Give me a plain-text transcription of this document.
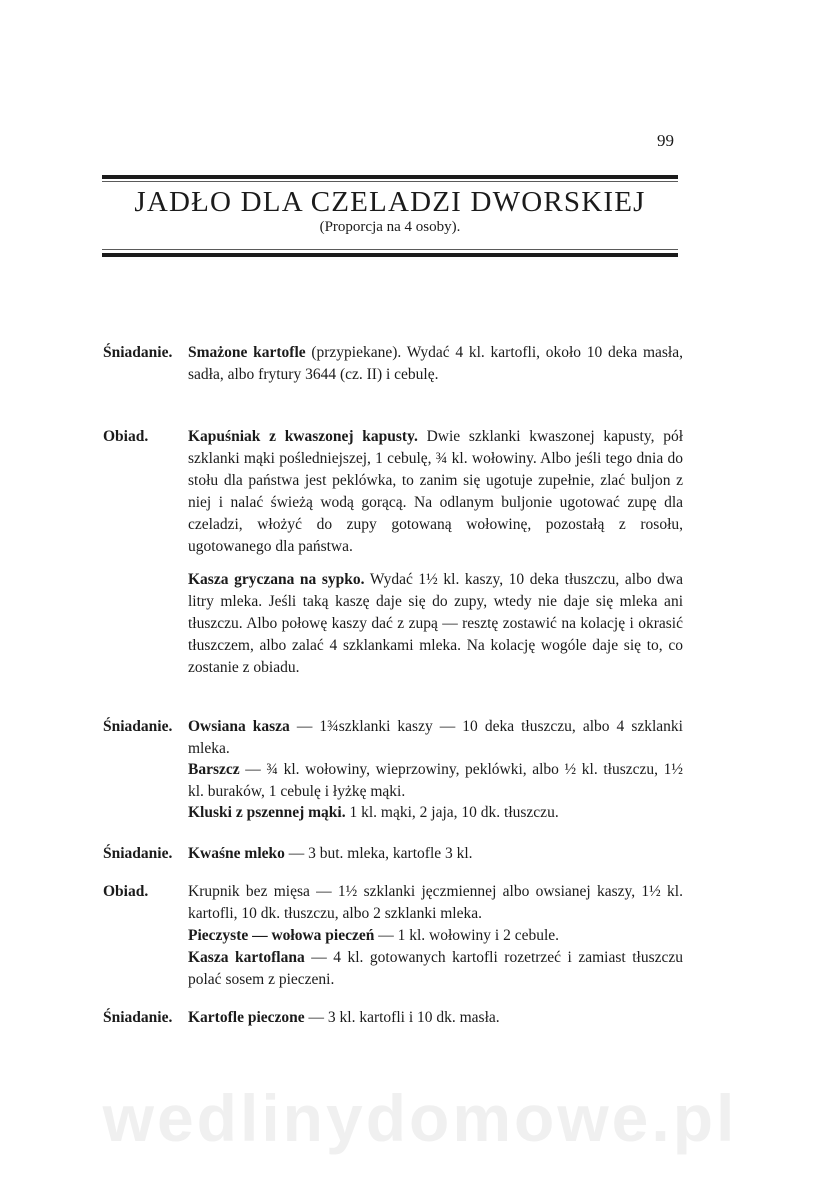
99
JADŁO DLA CZELADZI DWORSKIEJ
(Proporcja na 4 osoby).
Śniadanie. Smażone kartofle (przypiekane). Wydać 4 kl. kartofli, około 10 deka masła, sadła, albo frytury 3644 (cz. II) i cebulę.
Obiad.	Kapuśniak z kwaszonej kapusty. Dwie szklanki kwaszonej kapusty, pół szklanki mąki pośledniejszej, 1 cebulę, ¾ kl. wołowiny. Albo jeśli tego dnia do stołu dla państwa jest peklówka, to zanim się ugotuje zupełnie, zlać buljon z niej i nalać świeżą wodą gorącą. Na odlanym buljonie ugotować zupę dla czeladzi, włożyć do zupy gotowaną wołowinę, pozostałą z rosołu, ugotowanego dla państwa.
Kasza gryczana na sypko. Wydać 1½ kl. kaszy, 10 deka tłuszczu, albo dwa litry mleka. Jeśli taką kaszę daje się do zupy, wtedy nie daje się mleka ani tłuszczu. Albo połowę kaszy dać z zupą — resztę zostawić na kolację i okrasić tłuszczem, albo zalać 4 szklankami mleka. Na kolację wogóle daje się to, co zostanie z obiadu.
Śniadanie. Owsiana kasza — 1¾szklanki kaszy — 10 deka tłuszczu, albo 4 szklanki mleka.
Barszcz — ¾ kl. wołowiny, wieprzowiny, peklówki, albo ½ kl. tłuszczu, 1½ kl. buraków, 1 cebulę i łyżkę mąki.
Kluski z pszennej mąki. 1 kl. mąki, 2 jaja, 10 dk. tłuszczu.
Śniadanie. Kwaśne mleko — 3 but. mleka, kartofle 3 kl.
Obiad.	Krupnik bez mięsa — 1½ szklanki jęczmiennej albo owsianej kaszy, 1½ kl. kartofli, 10 dk. tłuszczu, albo 2 szklanki mleka.
Pieczyste — wołowa pieczeń — 1 kl. wołowiny i 2 cebule.
Kasza kartoflana — 4 kl. gotowanych kartofli rozetrzeć i zamiast tłuszczu polać sosem z pieczeni.
Śniadanie. Kartofle pieczone — 3 kl. kartofli i 10 dk. masła.
wedlinydomowe.pl
